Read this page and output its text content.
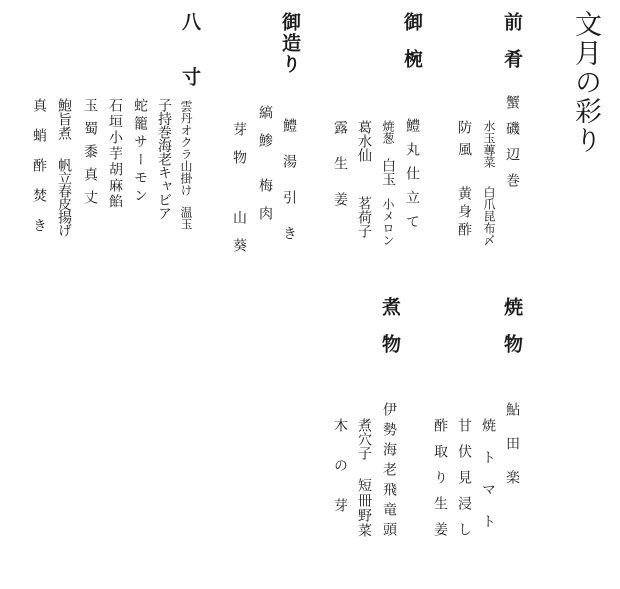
文月の彩り
前肴
蟹磯辺巻
水玉蓴菜
白爪昆布〆
防風
黄身酢
御椀
鱧丸仕立て
焼葱
白玉
小メロン
葛水仙
茗荷子
露生姜
御造り
鱧湯引き
縞鯵
梅肉
芽物
山葵
八寸
雲丹オクラ山掛け
温玉
子持巻海老キャビア
蛇籠サーモン
石垣小芋胡麻餡
玉蜀黍真丈
鮑旨煮
帆立春皮揚げ
真蛸酢焚き
焼物
鮎田楽
焼トマト
甘伏見浸し
酢取り生姜
煮物
伊勢海老飛竜頭
煮穴子
短冊野菜
木の芽
